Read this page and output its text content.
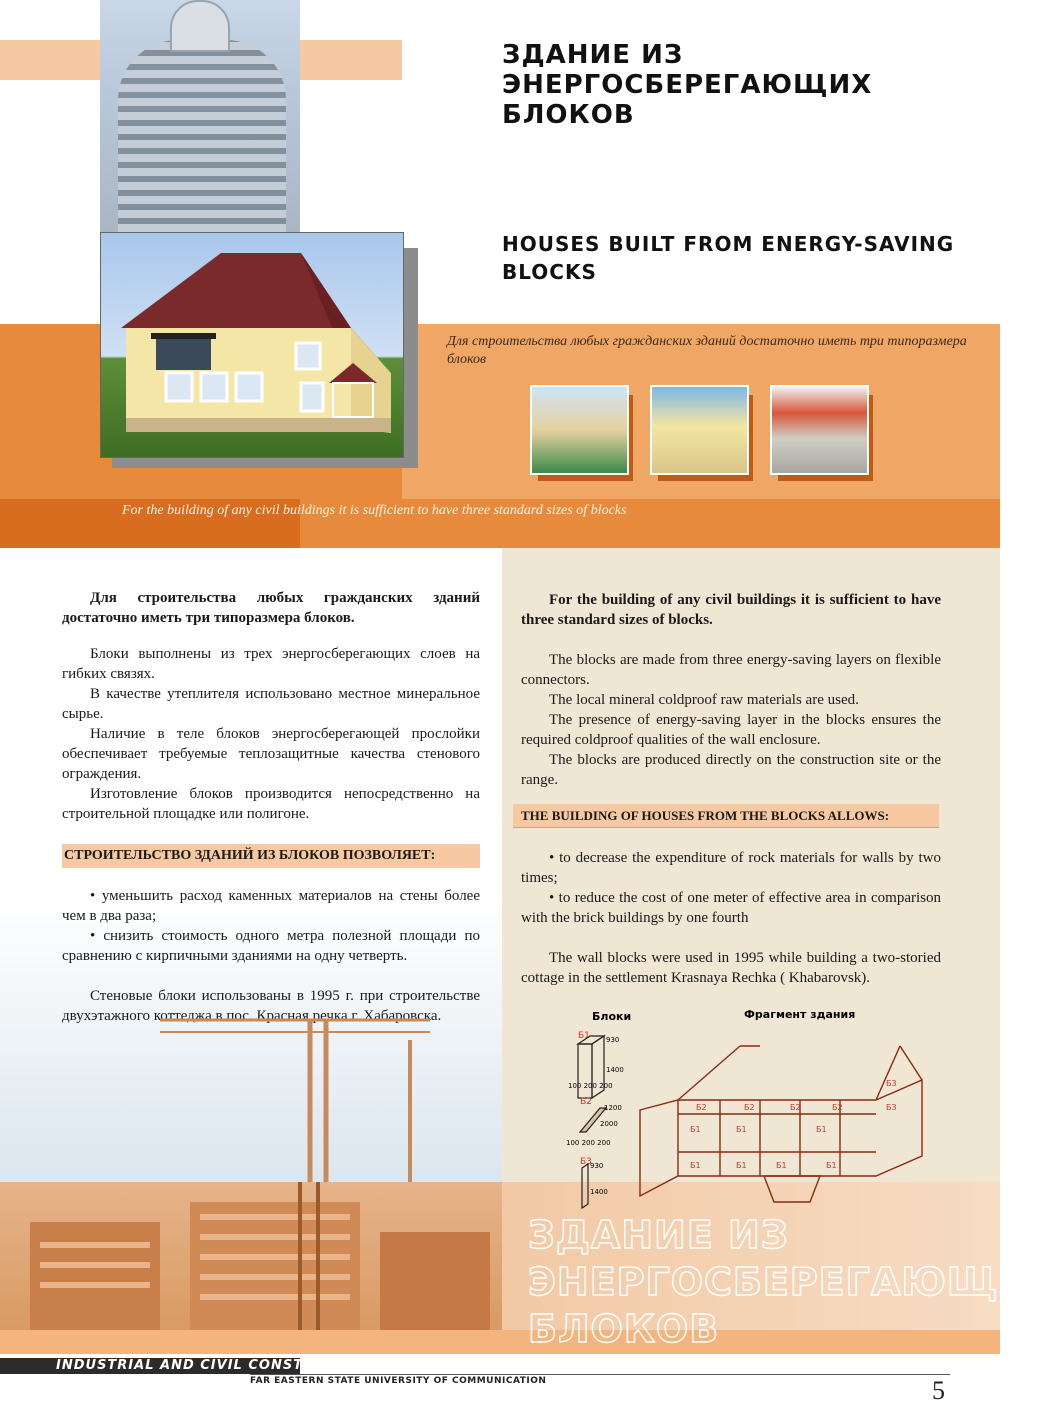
ЗДАНИЕ ИЗ ЭНЕРГОСБЕРЕГАЮЩИХ БЛОКОВ
HOUSES BUILT FROM ENERGY-SAVING BLOCKS
Для строительства любых гражданских зданий достаточно иметь три типоразмера блоков
For the building of any civil buildings it is sufficient to have three standard sizes of blocks

Для строительства любых гражданских зданий достаточно иметь три типоразмера блоков.

Блоки выполнены из трех энергосберегающих слоев на гибких связях.

В качестве утеплителя использовано местное минеральное сырье.

Наличие в теле блоков энергосберегающей прослойки обеспечивает требуемые теплозащитные качества стенового ограждения.

Изготовление блоков производится непосредственно на строительной площадке или полигоне.

СТРОИТЕЛЬСТВО ЗДАНИЙ ИЗ БЛОКОВ ПОЗВОЛЯЕТ:

• уменьшить расход каменных материалов на стены более чем в два раза;

• снизить стоимость одного метра полезной площади по сравнению с кирпичными зданиями на одну четверть.

Стеновые блоки использованы в 1995 г. при строительстве двухэтажного коттеджа в пос. Красная речка г. Хабаровска.

For the building of any civil buildings it is sufficient to have three standard sizes of blocks.

The blocks are made from three energy-saving layers on flexible connectors.

The local mineral coldproof raw materials are used.

The presence of energy-saving layer in the blocks ensures the required coldproof qualities of the wall enclosure.

The blocks are produced directly on the construction site or the range.

THE BUILDING OF HOUSES FROM THE BLOCKS ALLOWS:

• to decrease the expenditure of rock materials for walls by two times;

• to reduce the cost of one meter of effective area in comparison with the brick buildings by one fourth

The wall blocks were used in 1995 while building a two-storied cottage in the settlement Krasnaya Rechka ( Khabarovsk).

Блоки	Фрагмент здания
Б1 930
1400
100 200 200
Б2
1200
2000
100 200 200
Б3
930
1400
Б2	Б2	Б2	Б2
Б1	Б1	Б1
Б1	Б1	Б1	Б1
Б3
Б3
ЗДАНИЕ ИЗ
ЭНЕРГОСБЕРЕГАЮЩИХ
БЛОКОВ
INDUSTRIAL AND CIVIL CONSTRUCTION
FAR EASTERN STATE UNIVERSITY OF COMMUNICATION	5
